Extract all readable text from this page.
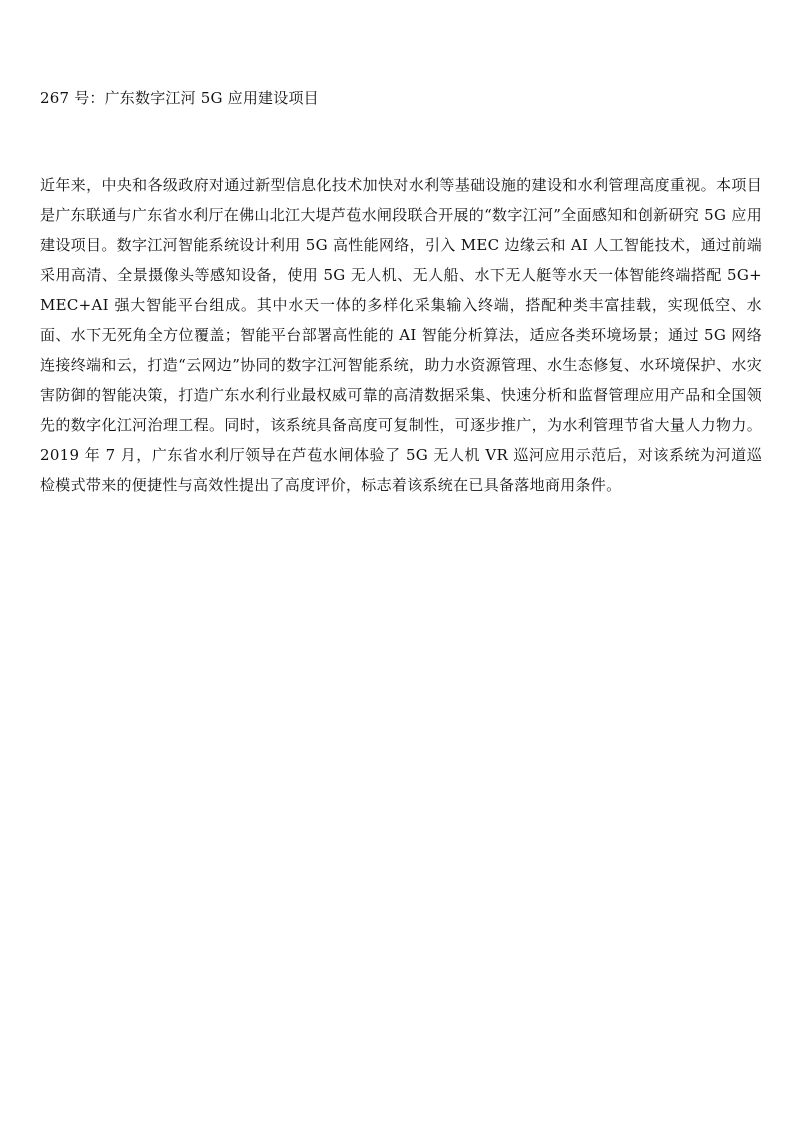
267 号：广东数字江河 5G 应用建设项目

近年来，中央和各级政府对通过新型信息化技术加快对水利等基础设施的建设和水利管理高度重视。本项目是广东联通与广东省水利厅在佛山北江大堤芦苞水闸段联合开展的“数字江河”全面感知和创新研究 5G 应用建设项目。数字江河智能系统设计利用 5G 高性能网络，引入 MEC 边缘云和 AI 人工智能技术，通过前端采用高清、全景摄像头等感知设备，使用 5G 无人机、无人船、水下无人艇等水天一体智能终端搭配 5G+MEC+AI 强大智能平台组成。其中水天一体的多样化采集输入终端，搭配种类丰富挂载，实现低空、水面、水下无死角全方位覆盖；智能平台部署高性能的 AI 智能分析算法，适应各类环境场景；通过 5G 网络连接终端和云，打造“云网边”协同的数字江河智能系统，助力水资源管理、水生态修复、水环境保护、水灾害防御的智能决策，打造广东水利行业最权威可靠的高清数据采集、快速分析和监督管理应用产品和全国领先的数字化江河治理工程。同时，该系统具备高度可复制性，可逐步推广，为水利管理节省大量人力物力。2019 年 7 月，广东省水利厅领导在芦苞水闸体验了 5G 无人机 VR 巡河应用示范后，对该系统为河道巡检模式带来的便捷性与高效性提出了高度评价，标志着该系统在已具备落地商用条件。
